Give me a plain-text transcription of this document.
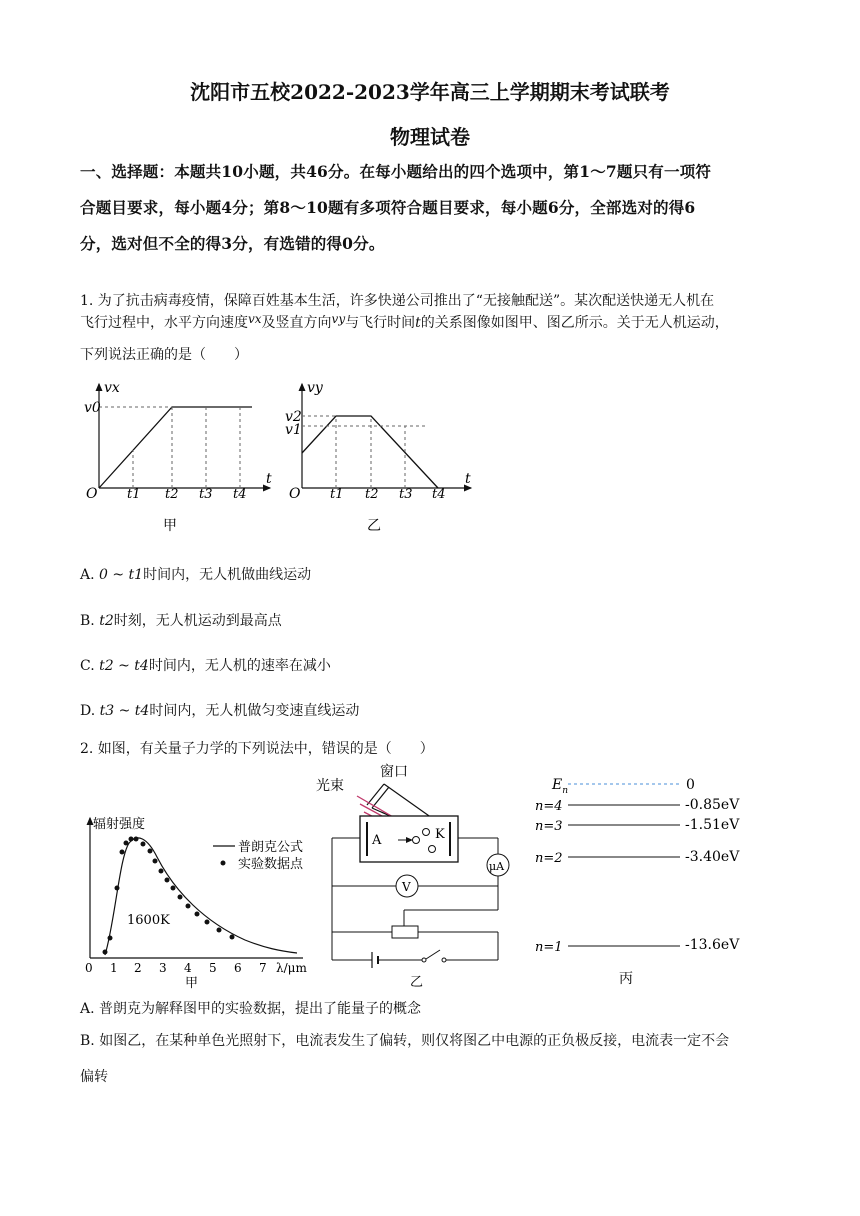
沈阳市五校2022-2023学年高三上学期期末考试联考
物理试卷
一、选择题：本题共10小题，共46分。在每小题给出的四个选项中，第1～7题只有一项符
合题目要求，每小题4分；第8～10题有多项符合题目要求，每小题6分，全部选对的得6
分，选对但不全的得3分，有选错的得0分。
1. 为了抗击病毒疫情，保障百姓基本生活，许多快递公司推出了“无接触配送”。某次配送快递无人机在
飞行过程中，水平方向速度vx及竖直方向vy与飞行时间t的关系图像如图甲、图乙所示。关于无人机运动，
下列说法正确的是（　　）
vx
t
v0
O t1 t2 t3 t4
甲
vy
t
v2
v1
O t1 t2 t3 t4
乙
A. 0 ~ t1时间内，无人机做曲线运动
B. t2时刻，无人机运动到最高点
C. t2 ~ t4时间内，无人机的速率在减小
D. t3 ~ t4时间内，无人机做匀变速直线运动
2. 如图，有关量子力学的下列说法中，错误的是（　　）
辐射强度
普朗克公式
实验数据点
1600K
0 1 2 3 4 5 6 7 λ/μm
甲
光束
窗口
A	K
μA
V
乙
$E_n$	0
n=4	-0.85eV
n=3	-1.51eV
n=2	-3.40eV
n=1	-13.6eV
丙
A. 普朗克为解释图甲的实验数据，提出了能量子的概念
B. 如图乙，在某种单色光照射下，电流表发生了偏转，则仅将图乙中电源的正负极反接，电流表一定不会
偏转
